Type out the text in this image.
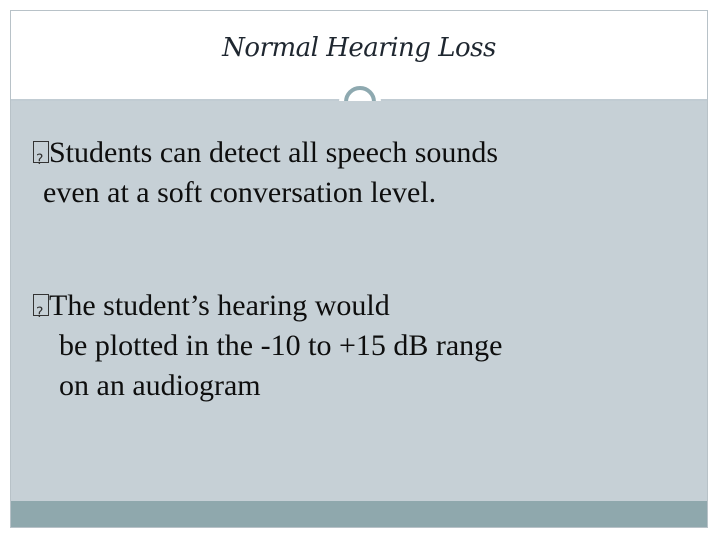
Normal Hearing Loss
?
Students can detect all speech sounds
even at a soft conversation level.
?
The student’s hearing would
be plotted in the -10 to +15 dB range
on an audiogram
